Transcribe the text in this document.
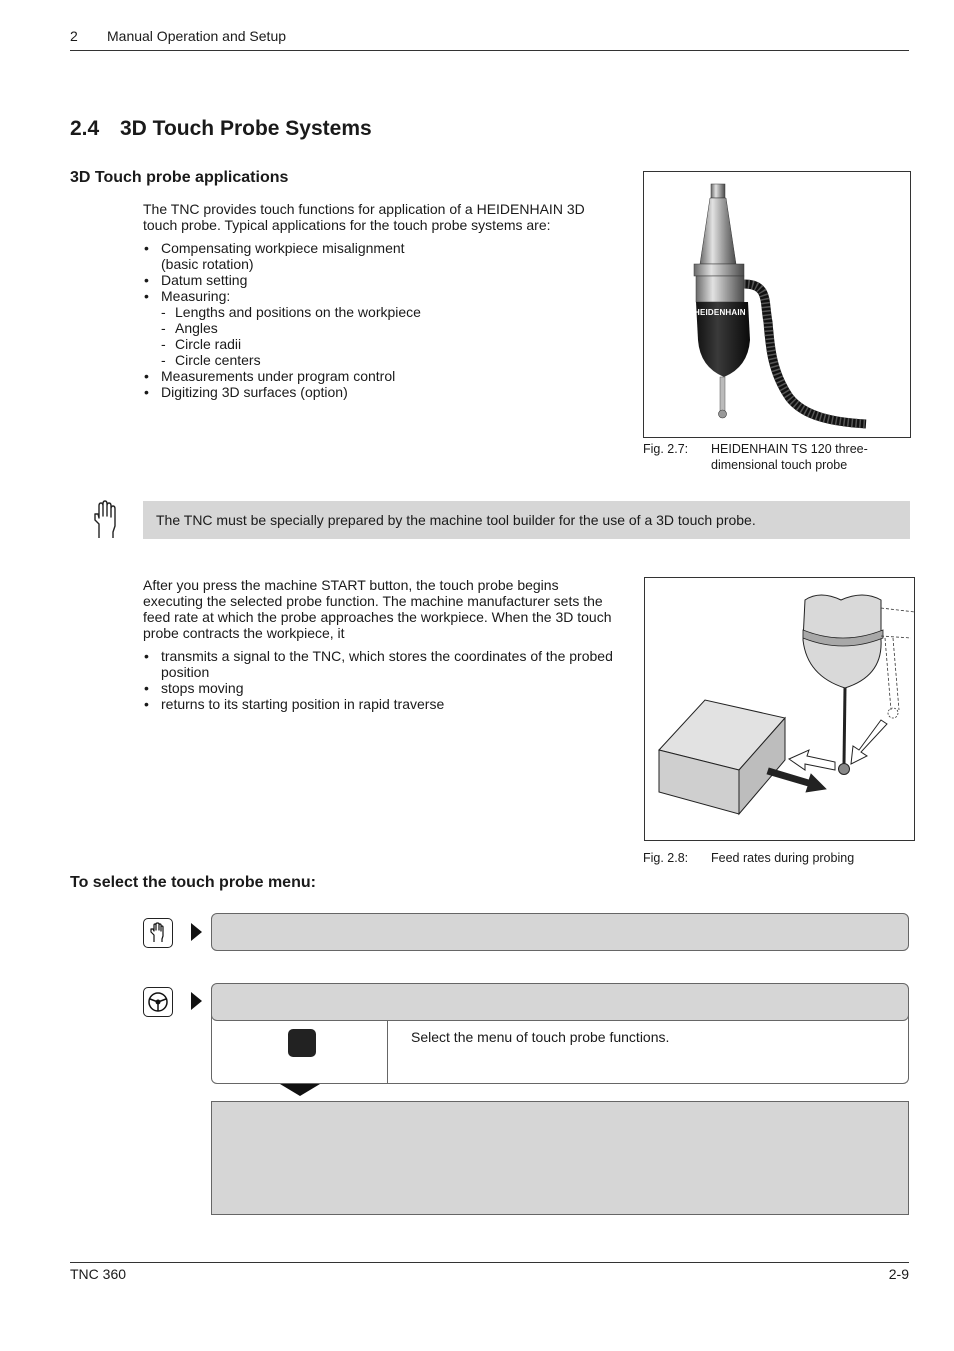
2 Manual Operation and Setup
2.4 3D Touch Probe Systems
3D Touch probe applications
The TNC provides touch functions for application of a HEIDENHAIN 3D touch probe. Typical applications for the touch probe systems are:
• Compensating workpiece misalignment
(basic rotation)
• Datum setting
• Measuring:
- Lengths and positions on the workpiece
- Angles
- Circle radii
- Circle centers
• Measurements under program control
• Digitizing 3D surfaces (option)
HEIDENHAIN
Fig. 2.7: HEIDENHAIN TS 120 three-dimensional touch probe
The TNC must be specially prepared by the machine tool builder for the use of a 3D touch probe.
After you press the machine START button, the touch probe begins executing the selected probe function. The machine manufacturer sets the feed rate at which the probe approaches the workpiece. When the 3D touch probe contracts the workpiece, it
• transmits a signal to the TNC, which stores the coordinates of the probed position
• stops moving
• returns to its starting position in rapid traverse
Fig. 2.8: Feed rates during probing
To select the touch probe menu:
Select the menu of touch probe functions.
TNC 360	2-9
